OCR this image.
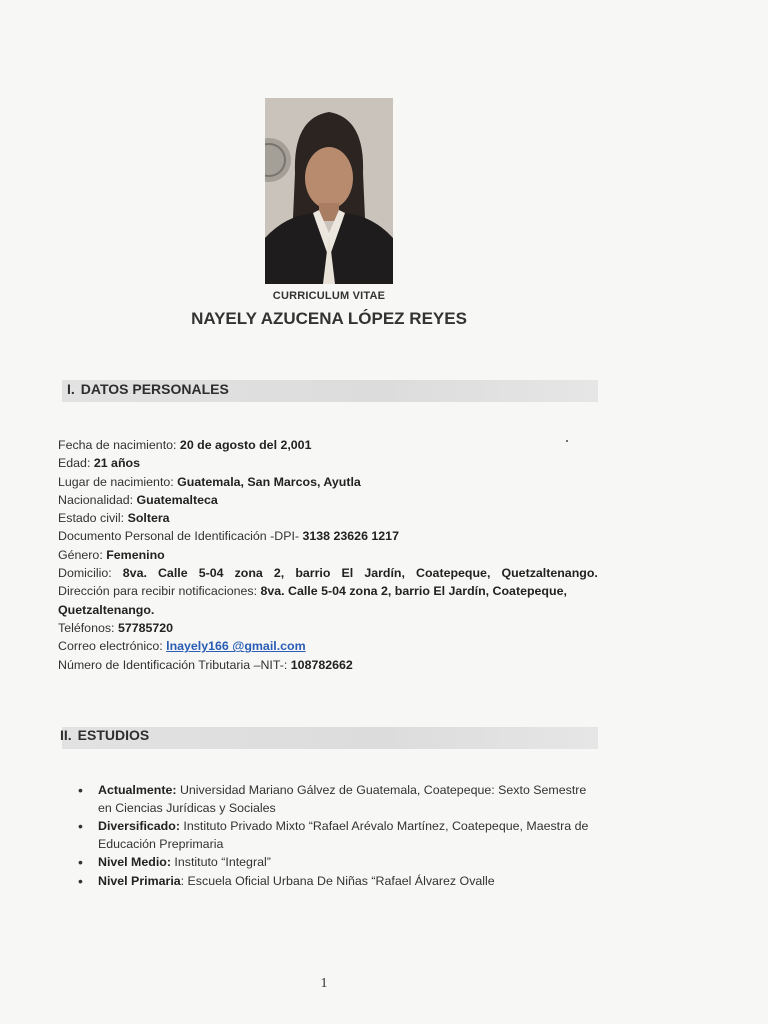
CURRICULUM VITAE
NAYELY AZUCENA LÓPEZ REYES
I. DATOS PERSONALES
Fecha de nacimiento: 20 de agosto del 2,001
Edad: 21 años
Lugar de nacimiento: Guatemala, San Marcos, Ayutla
Nacionalidad: Guatemalteca
Estado civil: Soltera
Documento Personal de Identificación -DPI- 3138 23626 1217
Género: Femenino
Domicilio: 8va. Calle 5-04 zona 2, barrio El Jardín, Coatepeque, Quetzaltenango.
Dirección para recibir notificaciones: 8va. Calle 5-04 zona 2, barrio El Jardín, Coatepeque, Quetzaltenango.
Teléfonos: 57785720
Correo electrónico: lnayely166 @gmail.com
Número de Identificación Tributaria –NIT-: 108782662
II. ESTUDIOS
• Actualmente: Universidad Mariano Gálvez de Guatemala, Coatepeque: Sexto Semestre en Ciencias Jurídicas y Sociales
• Diversificado: Instituto Privado Mixto “Rafael Arévalo Martínez, Coatepeque, Maestra de Educación Preprimaria
• Nivel Medio: Instituto “Integral”
• Nivel Primaria: Escuela Oficial Urbana De Niñas “Rafael Álvarez Ovalle
1
